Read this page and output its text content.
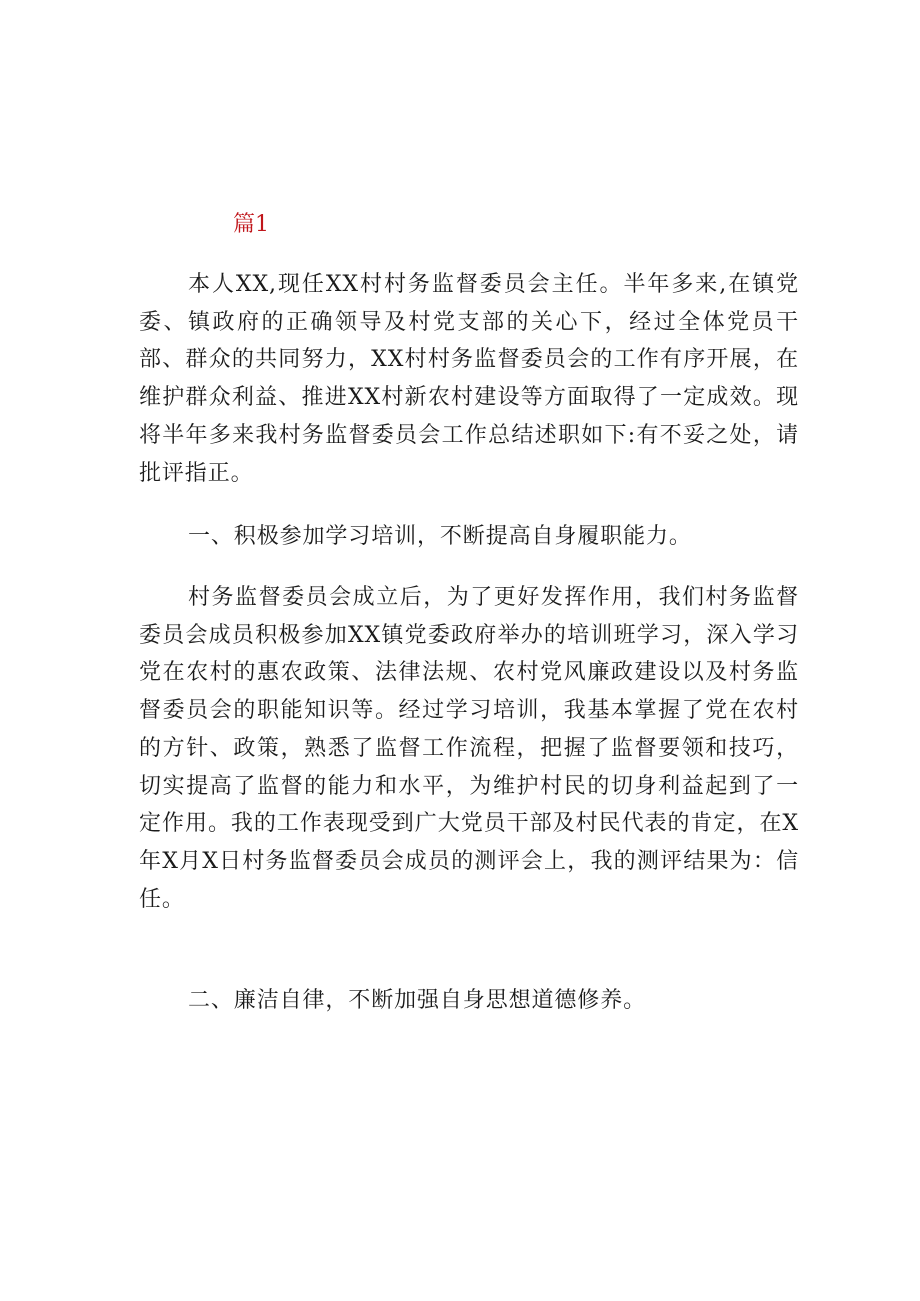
篇1

本人XX,现任XX村村务监督委员会主任。半年多来,在镇党委、镇政府的正确领导及村党支部的关心下，经过全体党员干部、群众的共同努力，XX村村务监督委员会的工作有序开展，在维护群众利益、推进XX村新农村建设等方面取得了一定成效。现将半年多来我村务监督委员会工作总结述职如下:有不妥之处，请批评指正。

一、积极参加学习培训，不断提高自身履职能力。

村务监督委员会成立后，为了更好发挥作用，我们村务监督委员会成员积极参加XX镇党委政府举办的培训班学习，深入学习党在农村的惠农政策、法律法规、农村党风廉政建设以及村务监督委员会的职能知识等。经过学习培训，我基本掌握了党在农村的方针、政策，熟悉了监督工作流程，把握了监督要领和技巧，切实提高了监督的能力和水平，为维护村民的切身利益起到了一定作用。我的工作表现受到广大党员干部及村民代表的肯定，在X年X月X日村务监督委员会成员的测评会上，我的测评结果为：信任。

二、廉洁自律，不断加强自身思想道德修养。
